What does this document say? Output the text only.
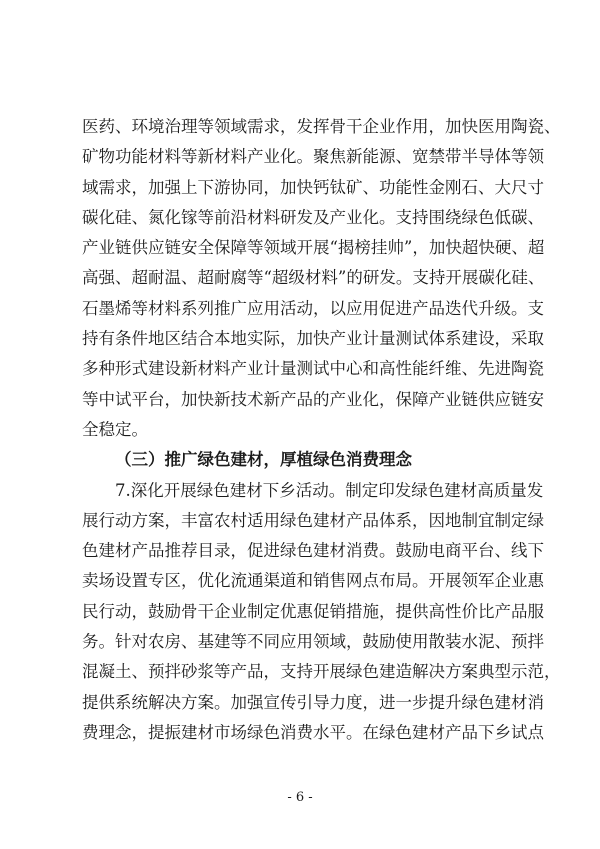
医药、环境治理等领域需求，发挥骨干企业作用，加快医用陶瓷、
矿物功能材料等新材料产业化。聚焦新能源、宽禁带半导体等领
域需求，加强上下游协同，加快钙钛矿、功能性金刚石、大尺寸
碳化硅、氮化镓等前沿材料研发及产业化。支持围绕绿色低碳、
产业链供应链安全保障等领域开展“揭榜挂帅”，加快超快硬、超
高强、超耐温、超耐腐等“超级材料”的研发。支持开展碳化硅、
石墨烯等材料系列推广应用活动，以应用促进产品迭代升级。支
持有条件地区结合本地实际，加快产业计量测试体系建设，采取
多种形式建设新材料产业计量测试中心和高性能纤维、先进陶瓷
等中试平台，加快新技术新产品的产业化，保障产业链供应链安
全稳定。
（三）推广绿色建材，厚植绿色消费理念
7.深化开展绿色建材下乡活动。制定印发绿色建材高质量发
展行动方案，丰富农村适用绿色建材产品体系，因地制宜制定绿
色建材产品推荐目录，促进绿色建材消费。鼓励电商平台、线下
卖场设置专区，优化流通渠道和销售网点布局。开展领军企业惠
民行动，鼓励骨干企业制定优惠促销措施，提供高性价比产品服
务。针对农房、基建等不同应用领域，鼓励使用散装水泥、预拌
混凝土、预拌砂浆等产品，支持开展绿色建造解决方案典型示范，
提供系统解决方案。加强宣传引导力度，进一步提升绿色建材消
费理念，提振建材市场绿色消费水平。在绿色建材产品下乡试点
- 6 -
